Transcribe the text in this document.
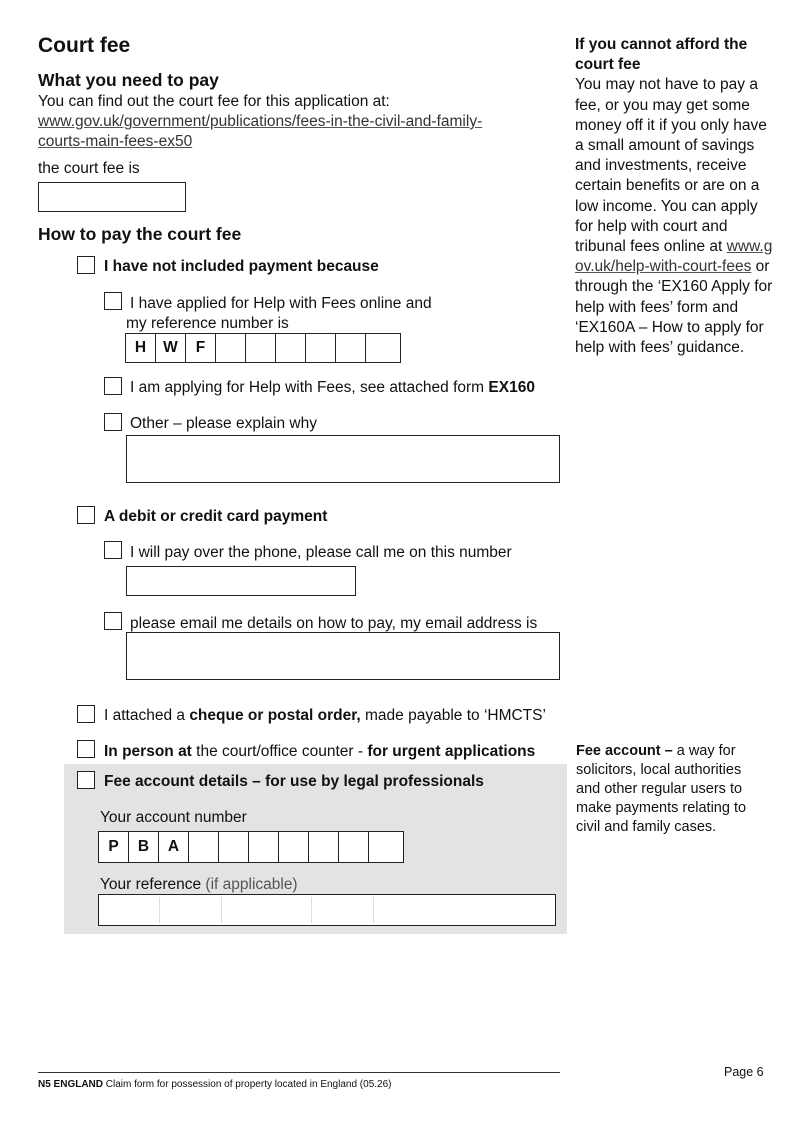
Court fee
What you need to pay
You can find out the court fee for this application at:
www.gov.uk/government/publications/fees-in-the-civil-and-family-
courts-main-fees-ex50
the court fee is
How to pay the court fee
I have not included payment because
I have applied for Help with Fees online and
my reference number is
H	W	F
I am applying for Help with Fees, see attached form EX160
Other – please explain why
A debit or credit card payment
I will pay over the phone, please call me on this number
please email me details on how to pay, my email address is
I attached a cheque or postal order, made payable to ‘HMCTS’
In person at the court/office counter - for urgent applications
Fee account details – for use by legal professionals
Your account number
P	B	A
Your reference (if applicable)
If you cannot afford the court fee
You may not have to pay a fee, or you may get some money off it if you only have a small amount of savings and investments, receive certain benefits or are on a low income. You can apply for help with court and tribunal fees online at www.gov.uk/help-with-court-fees or through the ‘EX160 Apply for help with fees’ form and ‘EX160A – How to apply for help with fees’ guidance.
Fee account – a way for solicitors, local authorities and other regular users to make payments relating to civil and family cases.
Page 6
N5 ENGLAND Claim form for possession of property located in England (05.26)
